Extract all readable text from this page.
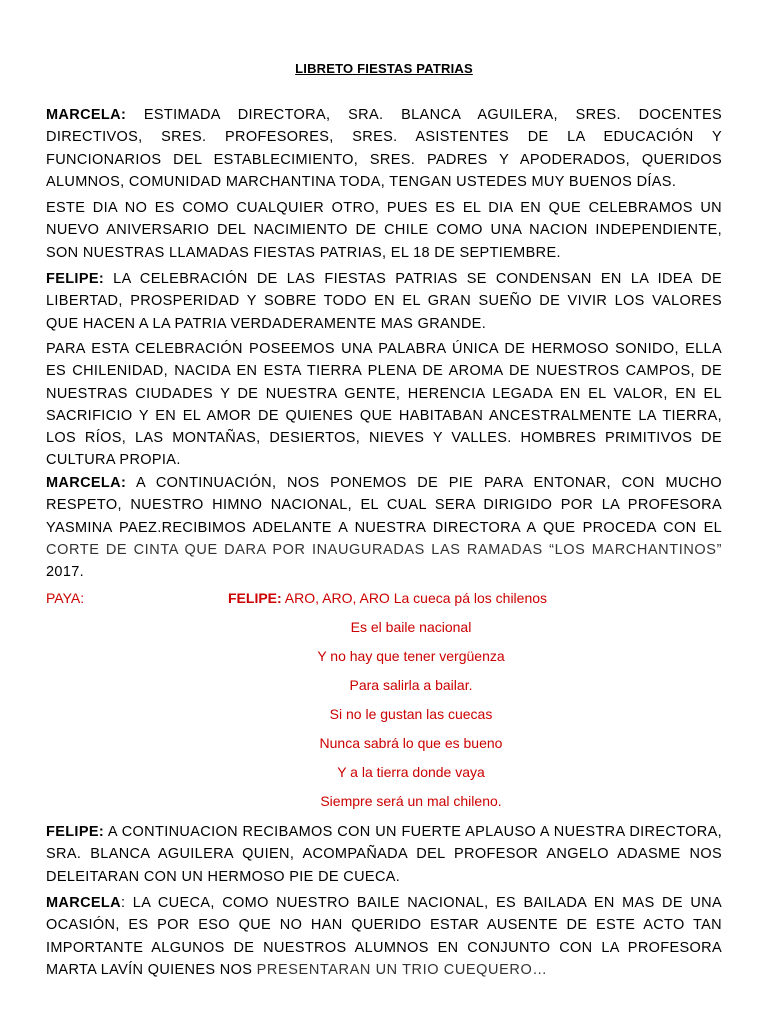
LIBRETO FIESTAS PATRIAS

MARCELA: ESTIMADA DIRECTORA, SRA. BLANCA AGUILERA, SRES. DOCENTES DIRECTIVOS, SRES. PROFESORES, SRES. ASISTENTES DE LA EDUCACIÓN Y FUNCIONARIOS DEL ESTABLECIMIENTO, SRES. PADRES Y APODERADOS, QUERIDOS ALUMNOS, COMUNIDAD MARCHANTINA TODA, TENGAN USTEDES MUY BUENOS DÍAS.

ESTE DIA NO ES COMO CUALQUIER OTRO, PUES ES EL DIA EN QUE CELEBRAMOS UN NUEVO ANIVERSARIO DEL NACIMIENTO DE CHILE COMO UNA NACION INDEPENDIENTE, SON NUESTRAS LLAMADAS FIESTAS PATRIAS, EL 18 DE SEPTIEMBRE.

FELIPE: LA CELEBRACIÓN DE LAS FIESTAS PATRIAS SE CONDENSAN EN LA IDEA DE LIBERTAD, PROSPERIDAD Y SOBRE TODO EN EL GRAN SUEÑO DE VIVIR LOS VALORES QUE HACEN A LA PATRIA VERDADERAMENTE MAS GRANDE.

PARA ESTA CELEBRACIÓN POSEEMOS UNA PALABRA ÚNICA DE HERMOSO SONIDO, ELLA ES CHILENIDAD, NACIDA EN ESTA TIERRA PLENA DE AROMA DE NUESTROS CAMPOS, DE NUESTRAS CIUDADES Y DE NUESTRA GENTE, HERENCIA LEGADA EN EL VALOR, EN EL SACRIFICIO Y EN EL AMOR DE QUIENES QUE HABITABAN ANCESTRALMENTE LA TIERRA, LOS RÍOS, LAS MONTAÑAS, DESIERTOS, NIEVES Y VALLES. HOMBRES PRIMITIVOS DE CULTURA PROPIA.

MARCELA: A CONTINUACIÓN, NOS PONEMOS DE PIE PARA ENTONAR, CON MUCHO RESPETO, NUESTRO HIMNO NACIONAL, EL CUAL SERA DIRIGIDO POR LA PROFESORA YASMINA PAEZ.RECIBIMOS ADELANTE A NUESTRA DIRECTORA A QUE PROCEDA CON EL CORTE DE CINTA QUE DARA POR INAUGURADAS LAS RAMADAS “LOS MARCHANTINOS” 2017.

PAYA:	FELIPE: ARO, ARO, ARO La cueca pá los chilenos
Es el baile nacional
Y no hay que tener vergüenza
Para salirla a bailar.
Si no le gustan las cuecas
Nunca sabrá lo que es bueno
Y a la tierra donde vaya
Siempre será un mal chileno.

FELIPE: A CONTINUACION RECIBAMOS CON UN FUERTE APLAUSO A NUESTRA DIRECTORA, SRA. BLANCA AGUILERA QUIEN, ACOMPAÑADA DEL PROFESOR ANGELO ADASME NOS DELEITARAN CON UN HERMOSO PIE DE CUECA.

MARCELA: LA CUECA, COMO NUESTRO BAILE NACIONAL, ES BAILADA EN MAS DE UNA OCASIÓN, ES POR ESO QUE NO HAN QUERIDO ESTAR AUSENTE DE ESTE ACTO TAN IMPORTANTE ALGUNOS DE NUESTROS ALUMNOS EN CONJUNTO CON LA PROFESORA MARTA LAVÍN QUIENES NOS PRESENTARAN UN TRIO CUEQUERO…
